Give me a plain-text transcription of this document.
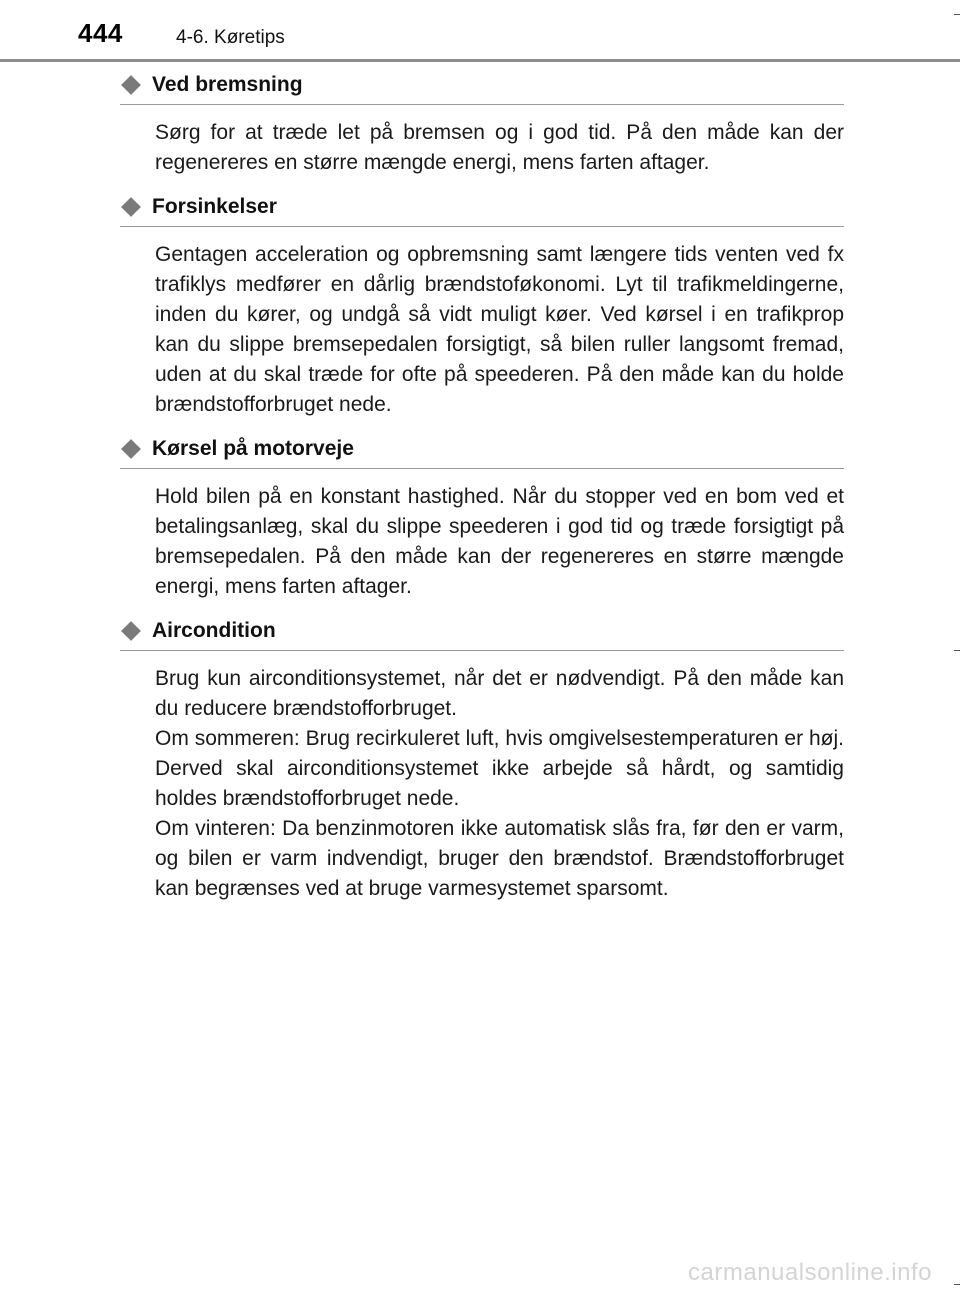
444	4-6. Køretips
Ved bremsning

Sørg for at træde let på bremsen og i god tid. På den måde kan der regenereres en større mængde energi, mens farten aftager.

Forsinkelser

Gentagen acceleration og opbremsning samt længere tids venten ved fx trafiklys medfører en dårlig brændstoføkonomi. Lyt til trafikmeldingerne, inden du kører, og undgå så vidt muligt køer. Ved kørsel i en trafikprop kan du slippe bremsepedalen forsigtigt, så bilen ruller langsomt fremad, uden at du skal træde for ofte på speederen. På den måde kan du holde brændstofforbruget nede.

Kørsel på motorveje

Hold bilen på en konstant hastighed. Når du stopper ved en bom ved et betalingsanlæg, skal du slippe speederen i god tid og træde forsigtigt på bremsepedalen. På den måde kan der regenereres en større mængde energi, mens farten aftager.

Aircondition

Brug kun airconditionsystemet, når det er nødvendigt. På den måde kan du reducere brændstofforbruget.

Om sommeren: Brug recirkuleret luft, hvis omgivelsestemperaturen er høj. Derved skal airconditionsystemet ikke arbejde så hårdt, og samtidig holdes brændstofforbruget nede.

Om vinteren: Da benzinmotoren ikke automatisk slås fra, før den er varm, og bilen er varm indvendigt, bruger den brændstof. Brændstofforbruget kan begrænses ved at bruge varmesystemet sparsomt.

carmanualsonline.info
